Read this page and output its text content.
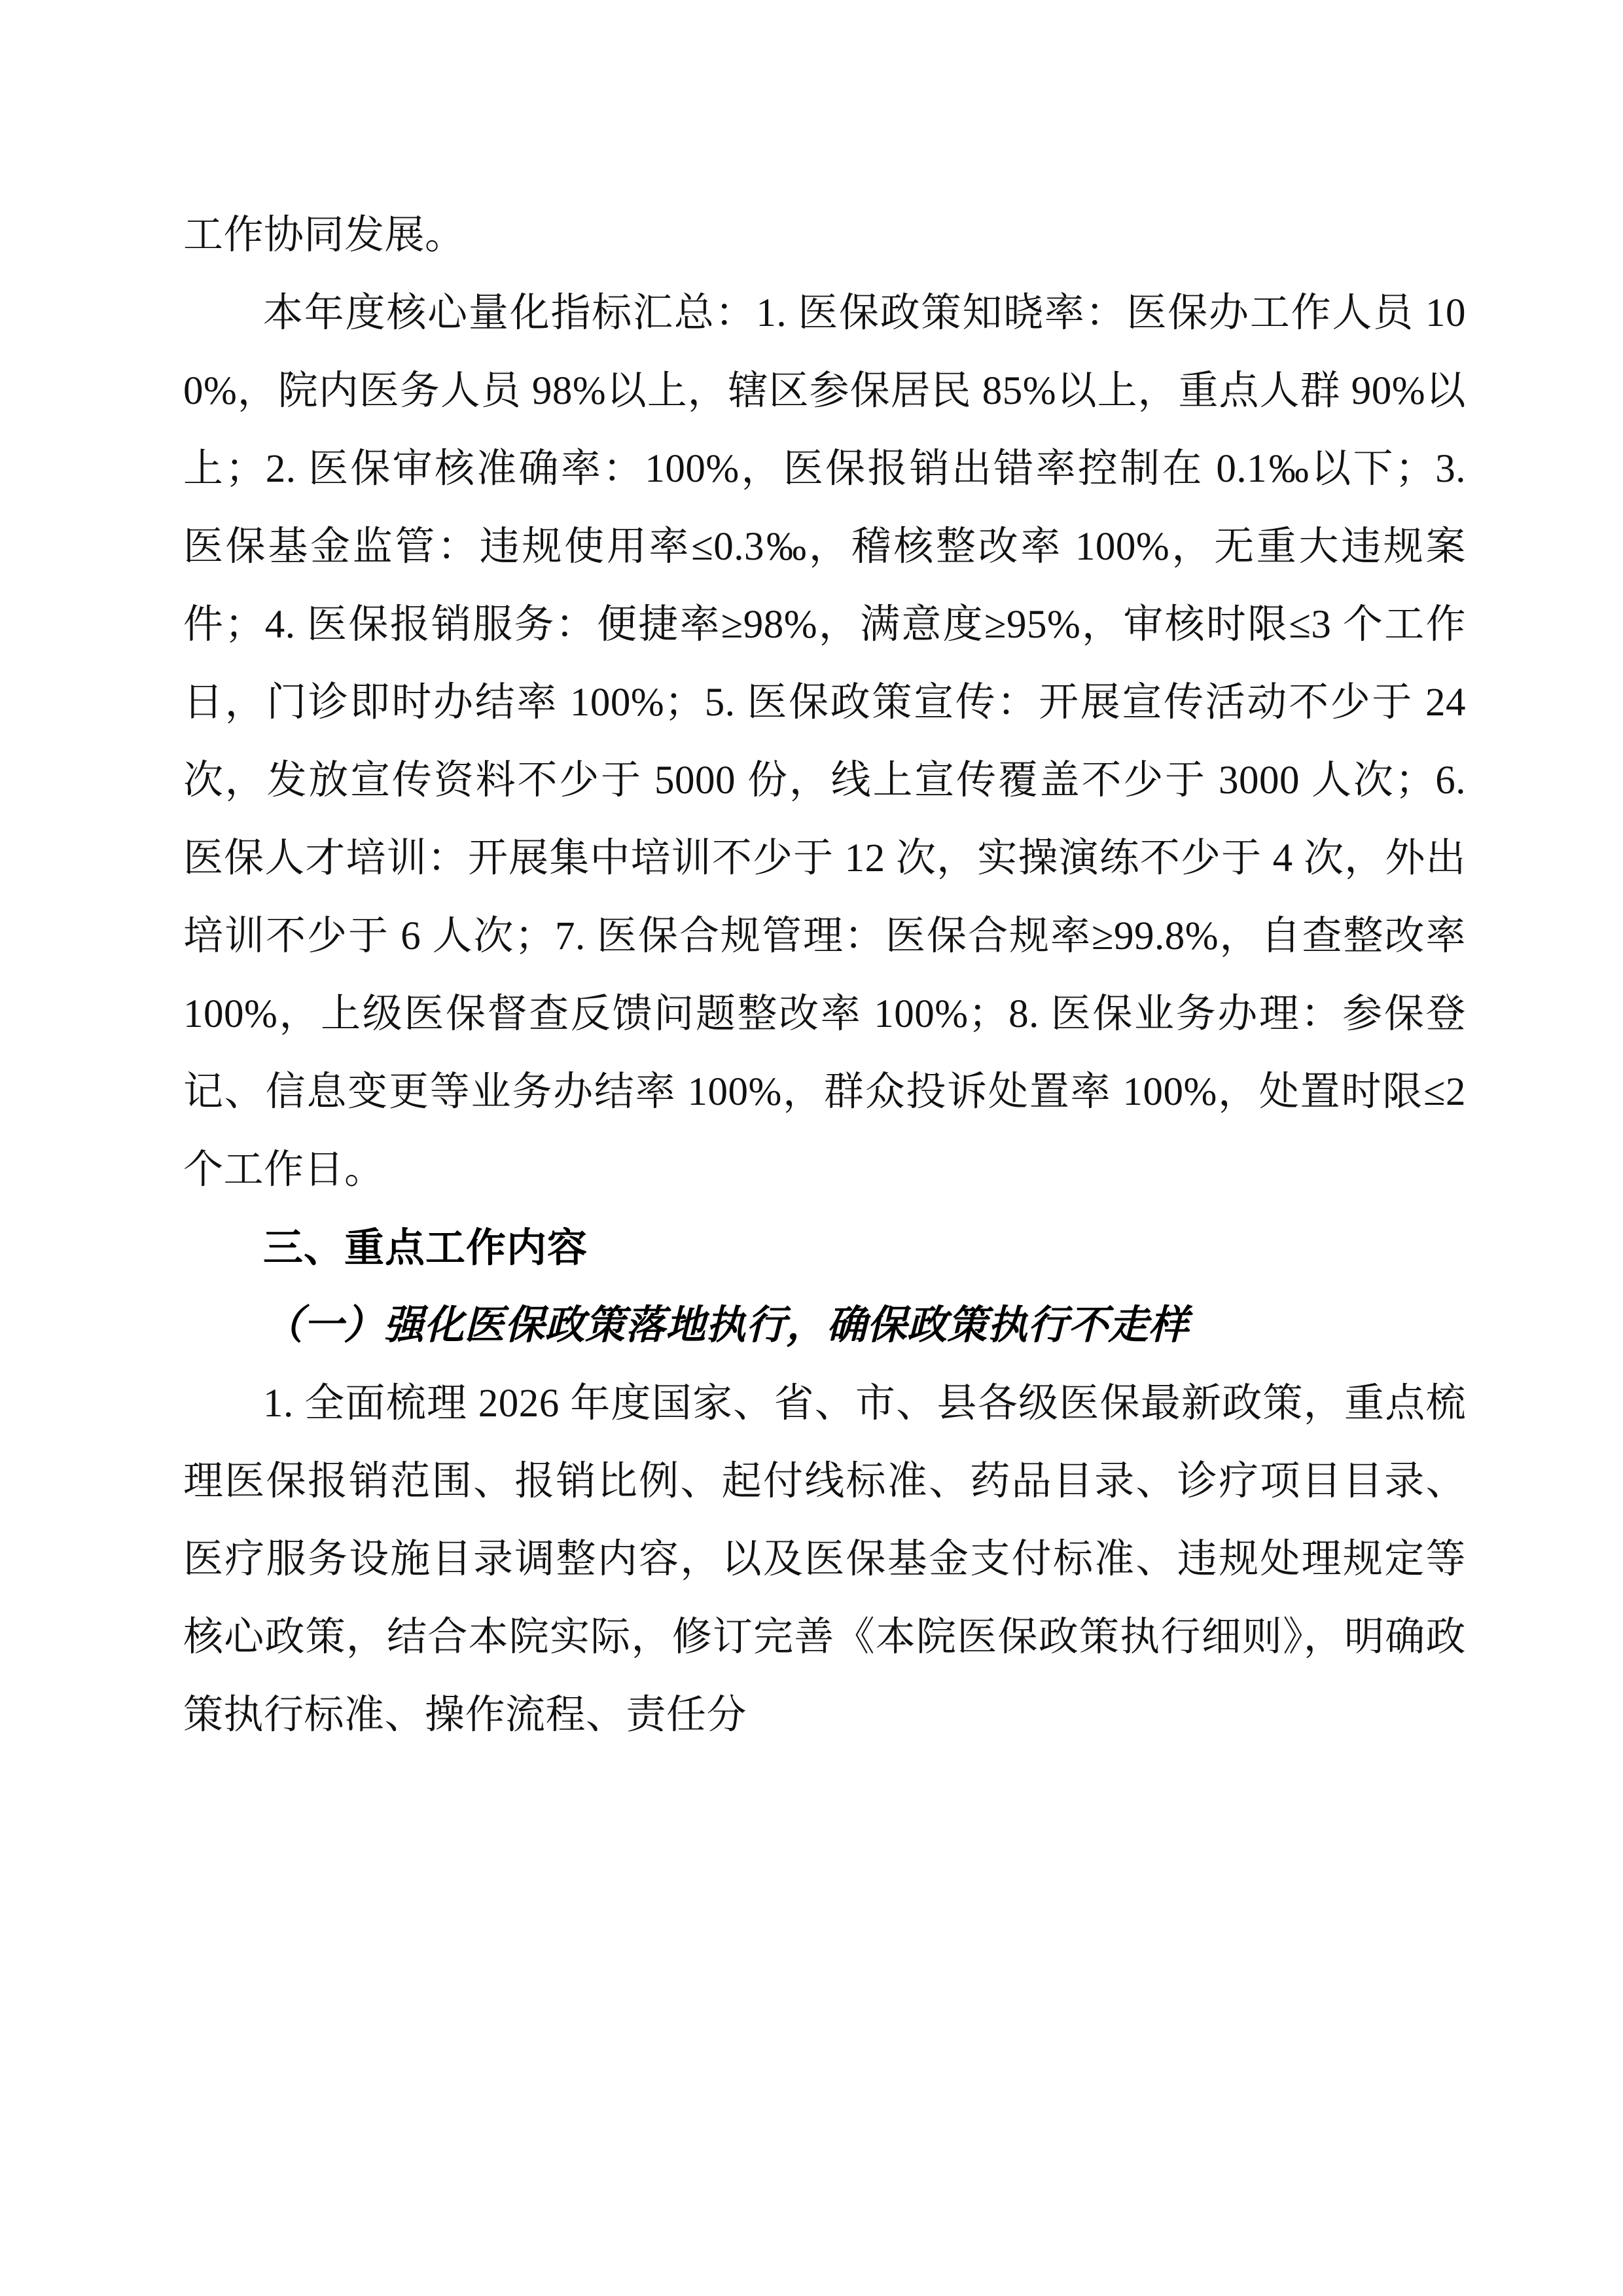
工作协同发展。

本年度核心量化指标汇总：1. 医保政策知晓率：医保办工作人员 100%，院内医务人员 98%以上，辖区参保居民 85%以上，重点人群 90%以上；2. 医保审核准确率：100%，医保报销出错率控制在 0.1‰以下；3. 医保基金监管：违规使用率≤0.3‰，稽核整改率 100%，无重大违规案件；4. 医保报销服务：便捷率≥98%，满意度≥95%，审核时限≤3 个工作日，门诊即时办结率 100%；5. 医保政策宣传：开展宣传活动不少于 24 次，发放宣传资料不少于 5000 份，线上宣传覆盖不少于 3000 人次；6. 医保人才培训：开展集中培训不少于 12 次，实操演练不少于 4 次，外出培训不少于 6 人次；7. 医保合规管理：医保合规率≥99.8%，自查整改率 100%，上级医保督查反馈问题整改率 100%；8. 医保业务办理：参保登记、信息变更等业务办结率 100%，群众投诉处置率 100%，处置时限≤2 个工作日。

三、重点工作内容
（一）强化医保政策落地执行，确保政策执行不走样

1. 全面梳理 2026 年度国家、省、市、县各级医保最新政策，重点梳理医保报销范围、报销比例、起付线标准、药品目录、诊疗项目目录、医疗服务设施目录调整内容，以及医保基金支付标准、违规处理规定等核心政策，结合本院实际，修订完善《本院医保政策执行细则》，明确政策执行标准、操作流程、责任分
